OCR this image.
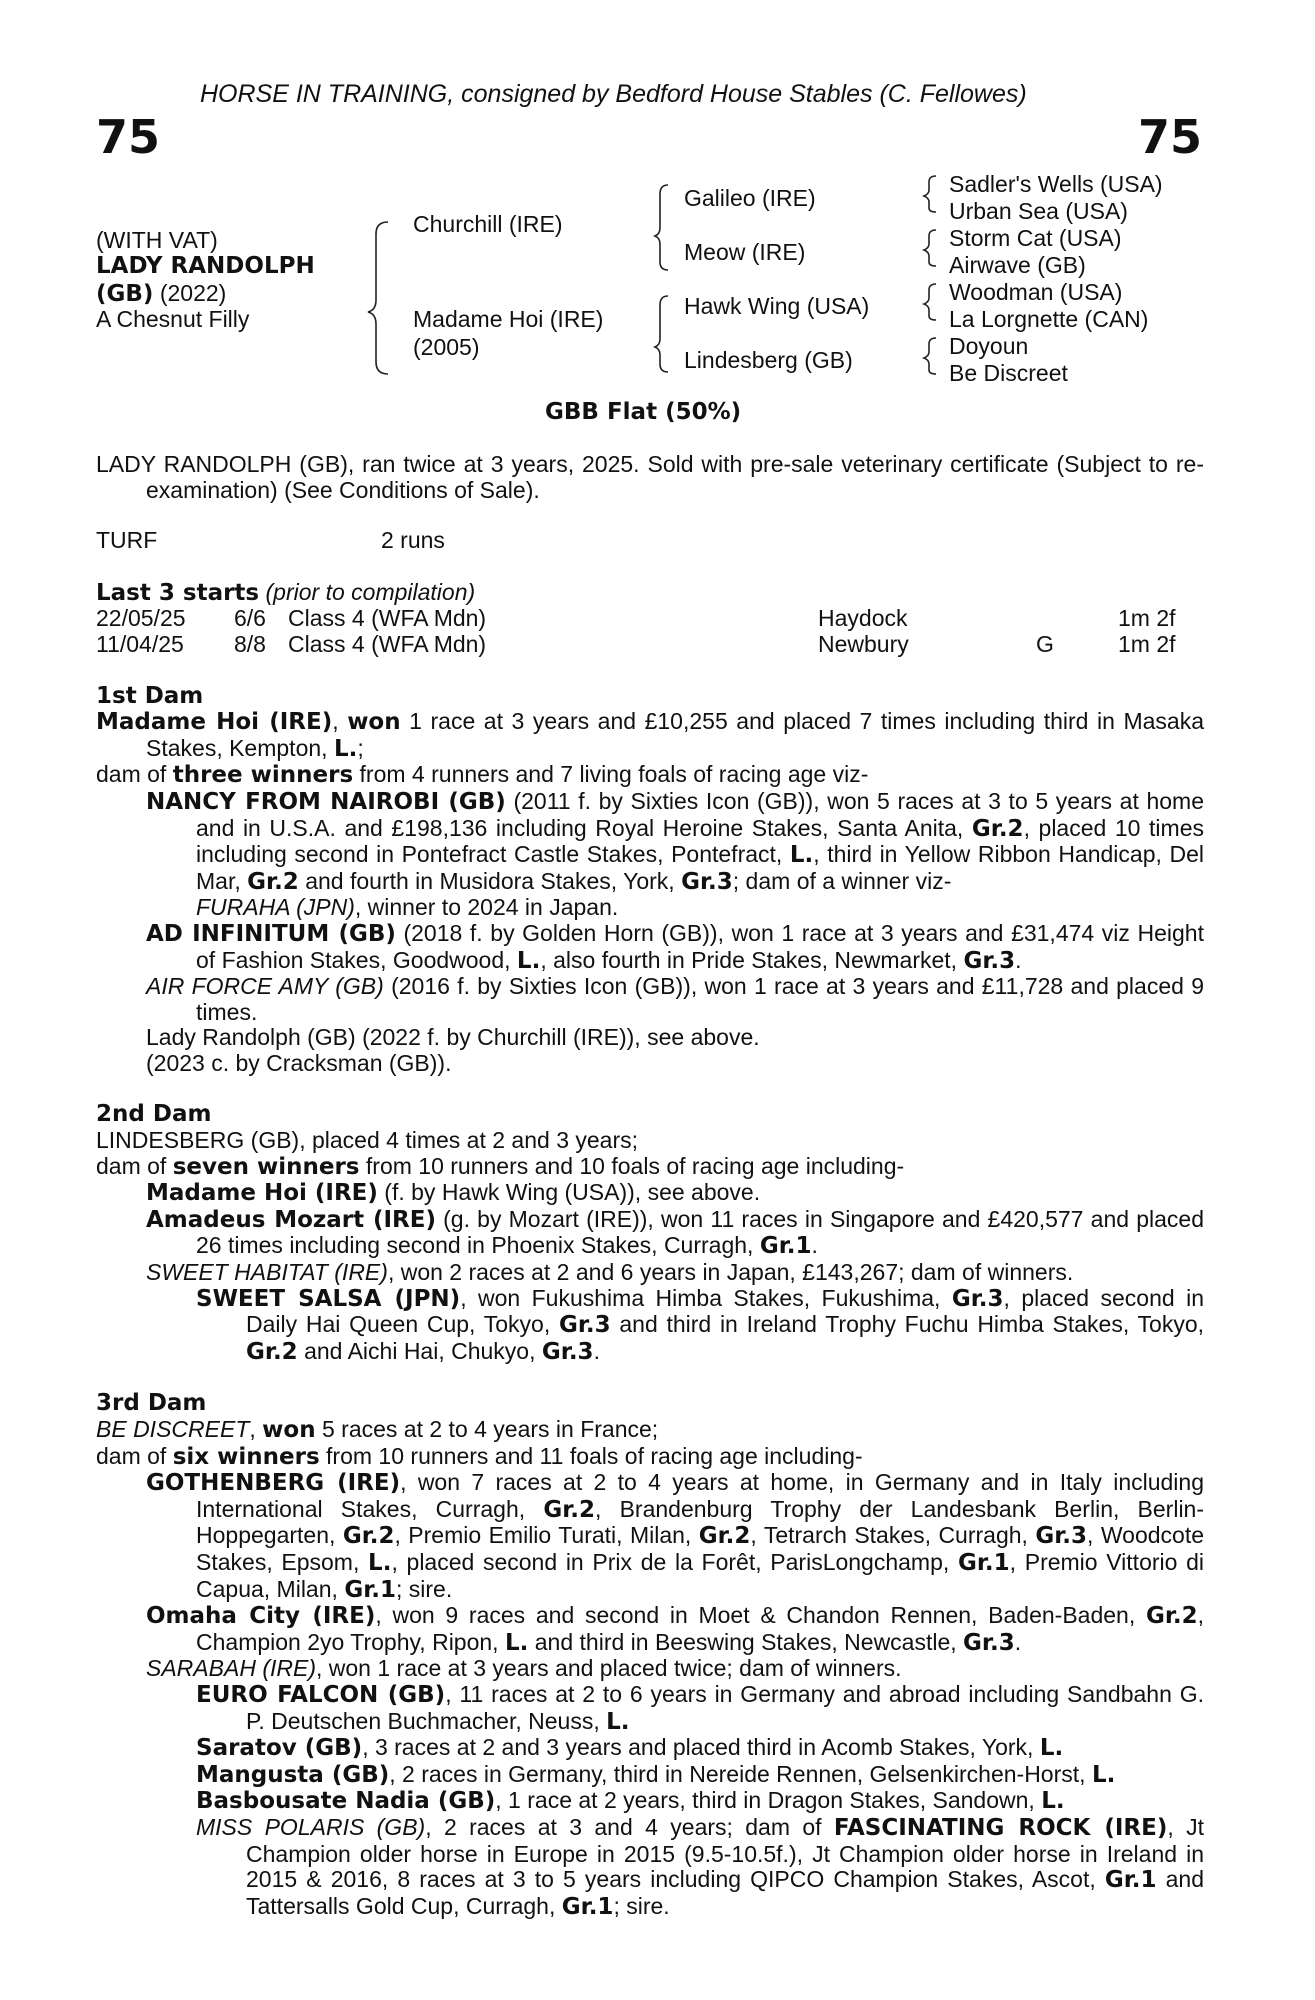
HORSE IN TRAINING, consigned by Bedford House Stables (C. Fellowes)
75	75
(WITH VAT)
LADY RANDOLPH
(GB) (2022)
A Chesnut Filly
Churchill (IRE)
Madame Hoi (IRE)
(2005)
Galileo (IRE)
Meow (IRE)
Hawk Wing (USA)
Lindesberg (GB)
Sadler's Wells (USA)
Urban Sea (USA)
Storm Cat (USA)
Airwave (GB)
Woodman (USA)
La Lorgnette (CAN)
Doyoun
Be Discreet
GBB Flat (50%)

LADY RANDOLPH (GB), ran twice at 3 years, 2025. Sold with pre-sale veterinary certificate (Subject to re-examination) (See Conditions of Sale).

TURF	2 runs
Last 3 starts (prior to compilation)
22/05/25 6/6 Class 4 (WFA Mdn)	Haydock	1m 2f
11/04/25 8/8 Class 4 (WFA Mdn)	Newbury	G	1m 2f
1st Dam

Madame Hoi (IRE), won 1 race at 3 years and £10,255 and placed 7 times including third in Masaka Stakes, Kempton, L.;

dam of three winners from 4 runners and 7 living foals of racing age viz-

NANCY FROM NAIROBI (GB) (2011 f. by Sixties Icon (GB)), won 5 races at 3 to 5 years at home and in U.S.A. and £198,136 including Royal Heroine Stakes, Santa Anita, Gr.2, placed 10 times including second in Pontefract Castle Stakes, Pontefract, L., third in Yellow Ribbon Handicap, Del Mar, Gr.2 and fourth in Musidora Stakes, York, Gr.3; dam of a winner viz-

FURAHA (JPN), winner to 2024 in Japan.

AD INFINITUM (GB) (2018 f. by Golden Horn (GB)), won 1 race at 3 years and £31,474 viz Height of Fashion Stakes, Goodwood, L., also fourth in Pride Stakes, Newmarket, Gr.3.

AIR FORCE AMY (GB) (2016 f. by Sixties Icon (GB)), won 1 race at 3 years and £11,728 and placed 9 times.

Lady Randolph (GB) (2022 f. by Churchill (IRE)), see above.

(2023 c. by Cracksman (GB)).

2nd Dam

LINDESBERG (GB), placed 4 times at 2 and 3 years;

dam of seven winners from 10 runners and 10 foals of racing age including-

Madame Hoi (IRE) (f. by Hawk Wing (USA)), see above.

Amadeus Mozart (IRE) (g. by Mozart (IRE)), won 11 races in Singapore and £420,577 and placed 26 times including second in Phoenix Stakes, Curragh, Gr.1.

SWEET HABITAT (IRE), won 2 races at 2 and 6 years in Japan, £143,267; dam of winners.

SWEET SALSA (JPN), won Fukushima Himba Stakes, Fukushima, Gr.3, placed second in Daily Hai Queen Cup, Tokyo, Gr.3 and third in Ireland Trophy Fuchu Himba Stakes, Tokyo, Gr.2 and Aichi Hai, Chukyo, Gr.3.

3rd Dam

BE DISCREET, won 5 races at 2 to 4 years in France;

dam of six winners from 10 runners and 11 foals of racing age including-

GOTHENBERG (IRE), won 7 races at 2 to 4 years at home, in Germany and in Italy including International Stakes, Curragh, Gr.2, Brandenburg Trophy der Landesbank Berlin, Berlin-Hoppegarten, Gr.2, Premio Emilio Turati, Milan, Gr.2, Tetrarch Stakes, Curragh, Gr.3, Woodcote Stakes, Epsom, L., placed second in Prix de la Forêt, ParisLongchamp, Gr.1, Premio Vittorio di Capua, Milan, Gr.1; sire.

Omaha City (IRE), won 9 races and second in Moet & Chandon Rennen, Baden-Baden, Gr.2, Champion 2yo Trophy, Ripon, L. and third in Beeswing Stakes, Newcastle, Gr.3.

SARABAH (IRE), won 1 race at 3 years and placed twice; dam of winners.

EURO FALCON (GB), 11 races at 2 to 6 years in Germany and abroad including Sandbahn G. P. Deutschen Buchmacher, Neuss, L.

Saratov (GB), 3 races at 2 and 3 years and placed third in Acomb Stakes, York, L.

Mangusta (GB), 2 races in Germany, third in Nereide Rennen, Gelsenkirchen-Horst, L.

Basbousate Nadia (GB), 1 race at 2 years, third in Dragon Stakes, Sandown, L.

MISS POLARIS (GB), 2 races at 3 and 4 years; dam of FASCINATING ROCK (IRE), Jt Champion older horse in Europe in 2015 (9.5-10.5f.), Jt Champion older horse in Ireland in 2015 & 2016, 8 races at 3 to 5 years including QIPCO Champion Stakes, Ascot, Gr.1 and Tattersalls Gold Cup, Curragh, Gr.1; sire.
